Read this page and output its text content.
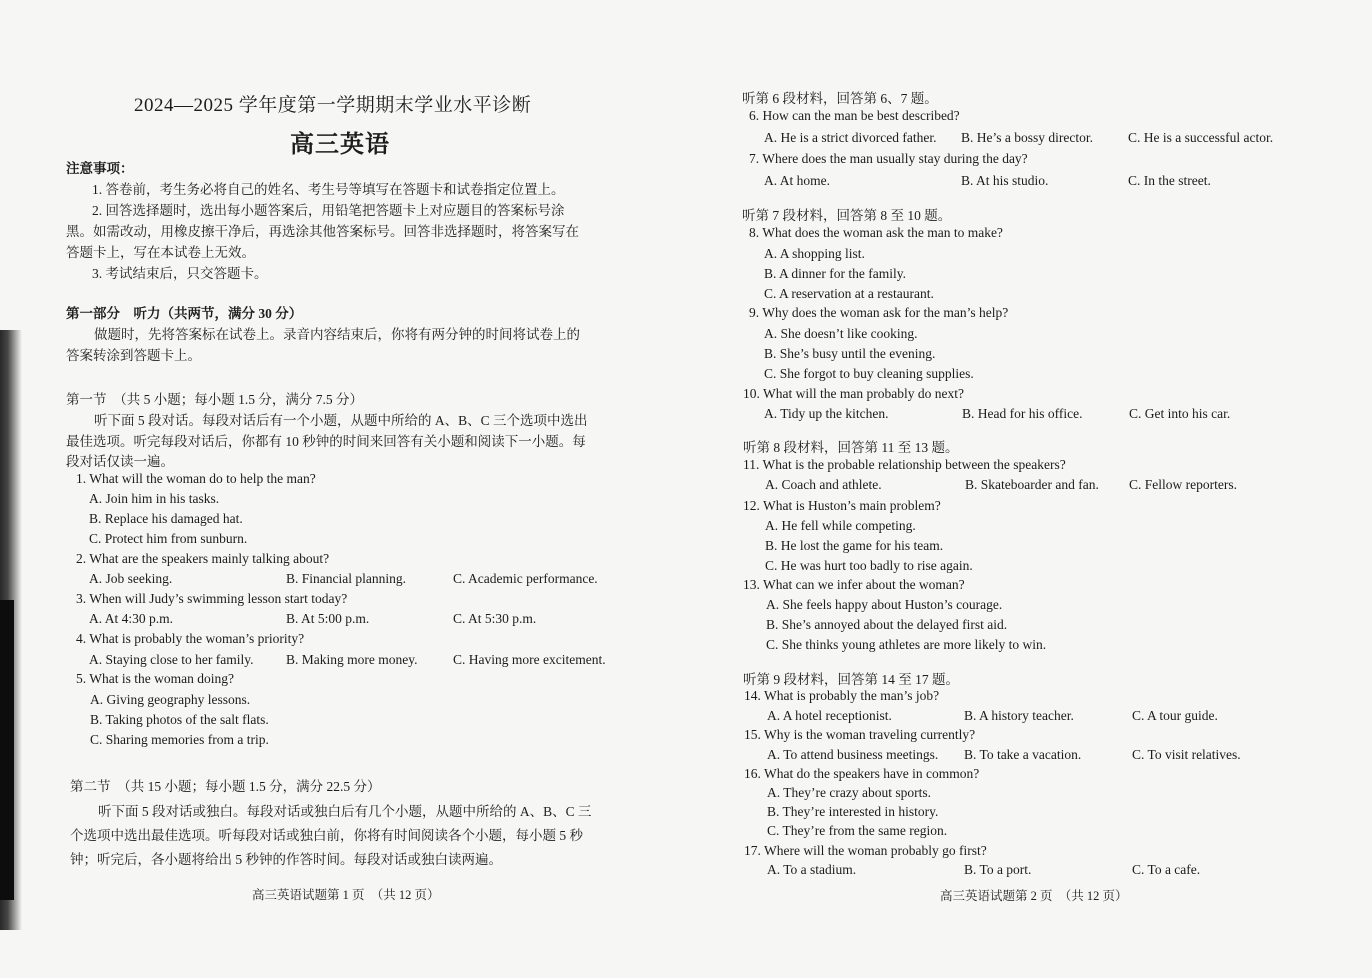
2024—2025 学年度第一学期期末学业水平诊断
高三英语
注意事项：
1. 答卷前，考生务必将自己的姓名、考生号等填写在答题卡和试卷指定位置上。
2. 回答选择题时，选出每小题答案后，用铅笔把答题卡上对应题目的答案标号涂
黑。如需改动，用橡皮擦干净后，再选涂其他答案标号。回答非选择题时，将答案写在
答题卡上，写在本试卷上无效。
3. 考试结束后，只交答题卡。
第一部分　听力（共两节，满分 30 分）
做题时，先将答案标在试卷上。录音内容结束后，你将有两分钟的时间将试卷上的
答案转涂到答题卡上。
第一节　（共 5 小题；每小题 1.5 分，满分 7.5 分）
听下面 5 段对话。每段对话后有一个小题，从题中所给的 A、B、C 三个选项中选出
最佳选项。听完每段对话后，你都有 10 秒钟的时间来回答有关小题和阅读下一小题。每
段对话仅读一遍。
1. What will the woman do to help the man?
A. Join him in his tasks.
B. Replace his damaged hat.
C. Protect him from sunburn.
2. What are the speakers mainly talking about?
A. Job seeking.	B. Financial planning.	C. Academic performance.
3. When will Judy’s swimming lesson start today?
A. At 4:30 p.m.	B. At 5:00 p.m.	C. At 5:30 p.m.
4. What is probably the woman’s priority?
A. Staying close to her family. B. Making more money.	C. Having more excitement.
5. What is the woman doing?
A. Giving geography lessons.
B. Taking photos of the salt flats.
C. Sharing memories from a trip.
第二节　（共 15 小题；每小题 1.5 分，满分 22.5 分）
听下面 5 段对话或独白。每段对话或独白后有几个小题，从题中所给的 A、B、C 三
个选项中选出最佳选项。听每段对话或独白前，你将有时间阅读各个小题，每小题 5 秒
钟；听完后，各小题将给出 5 秒钟的作答时间。每段对话或独白读两遍。
高三英语试题第 1 页　（共 12 页）
听第 6 段材料，回答第 6、7 题。
6. How can the man be best described?
A. He is a strict divorced father. B. He’s a bossy director.	C. He is a successful actor.
7. Where does the man usually stay during the day?
A. At home.	B. At his studio.	C. In the street.
听第 7 段材料，回答第 8 至 10 题。
8. What does the woman ask the man to make?
A. A shopping list.
B. A dinner for the family.
C. A reservation at a restaurant.
9. Why does the woman ask for the man’s help?
A. She doesn’t like cooking.
B. She’s busy until the evening.
C. She forgot to buy cleaning supplies.
10. What will the man probably do next?
A. Tidy up the kitchen.	B. Head for his office.	C. Get into his car.
听第 8 段材料，回答第 11 至 13 题。
11. What is the probable relationship between the speakers?
A. Coach and athlete.	B. Skateboarder and fan. C. Fellow reporters.
12. What is Huston’s main problem?
A. He fell while competing.
B. He lost the game for his team.
C. He was hurt too badly to rise again.
13. What can we infer about the woman?
A. She feels happy about Huston’s courage.
B. She’s annoyed about the delayed first aid.
C. She thinks young athletes are more likely to win.
听第 9 段材料，回答第 14 至 17 题。
14. What is probably the man’s job?
A. A hotel receptionist.	B. A history teacher.	C. A tour guide.
15. Why is the woman traveling currently?
A. To attend business meetings. B. To take a vacation.	C. To visit relatives.
16. What do the speakers have in common?
A. They’re crazy about sports.
B. They’re interested in history.
C. They’re from the same region.
17. Where will the woman probably go first?
A. To a stadium.	B. To a port.	C. To a cafe.
高三英语试题第 2 页　（共 12 页）
